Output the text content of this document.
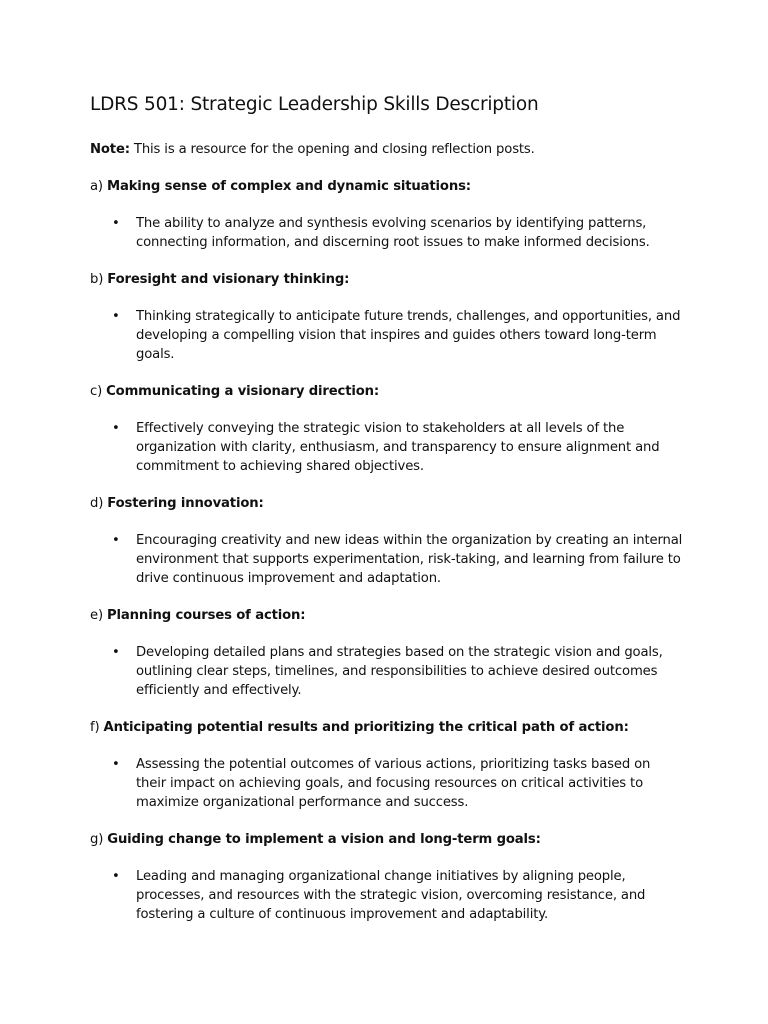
LDRS 501: Strategic Leadership Skills Description

Note: This is a resource for the opening and closing reflection posts.

a) Making sense of complex and dynamic situations:

•	The ability to analyze and synthesis evolving scenarios by identifying patterns,
connecting information, and discerning root issues to make informed decisions.

b) Foresight and visionary thinking:

•	Thinking strategically to anticipate future trends, challenges, and opportunities, and
developing a compelling vision that inspires and guides others toward long-term
goals.

c) Communicating a visionary direction:

•	Effectively conveying the strategic vision to stakeholders at all levels of the
organization with clarity, enthusiasm, and transparency to ensure alignment and
commitment to achieving shared objectives.

d) Fostering innovation:

•	Encouraging creativity and new ideas within the organization by creating an internal
environment that supports experimentation, risk-taking, and learning from failure to
drive continuous improvement and adaptation.

e) Planning courses of action:

•	Developing detailed plans and strategies based on the strategic vision and goals,
outlining clear steps, timelines, and responsibilities to achieve desired outcomes
efficiently and effectively.

f) Anticipating potential results and prioritizing the critical path of action:

•	Assessing the potential outcomes of various actions, prioritizing tasks based on
their impact on achieving goals, and focusing resources on critical activities to
maximize organizational performance and success.

g) Guiding change to implement a vision and long-term goals:

•	Leading and managing organizational change initiatives by aligning people,
processes, and resources with the strategic vision, overcoming resistance, and
fostering a culture of continuous improvement and adaptability.
